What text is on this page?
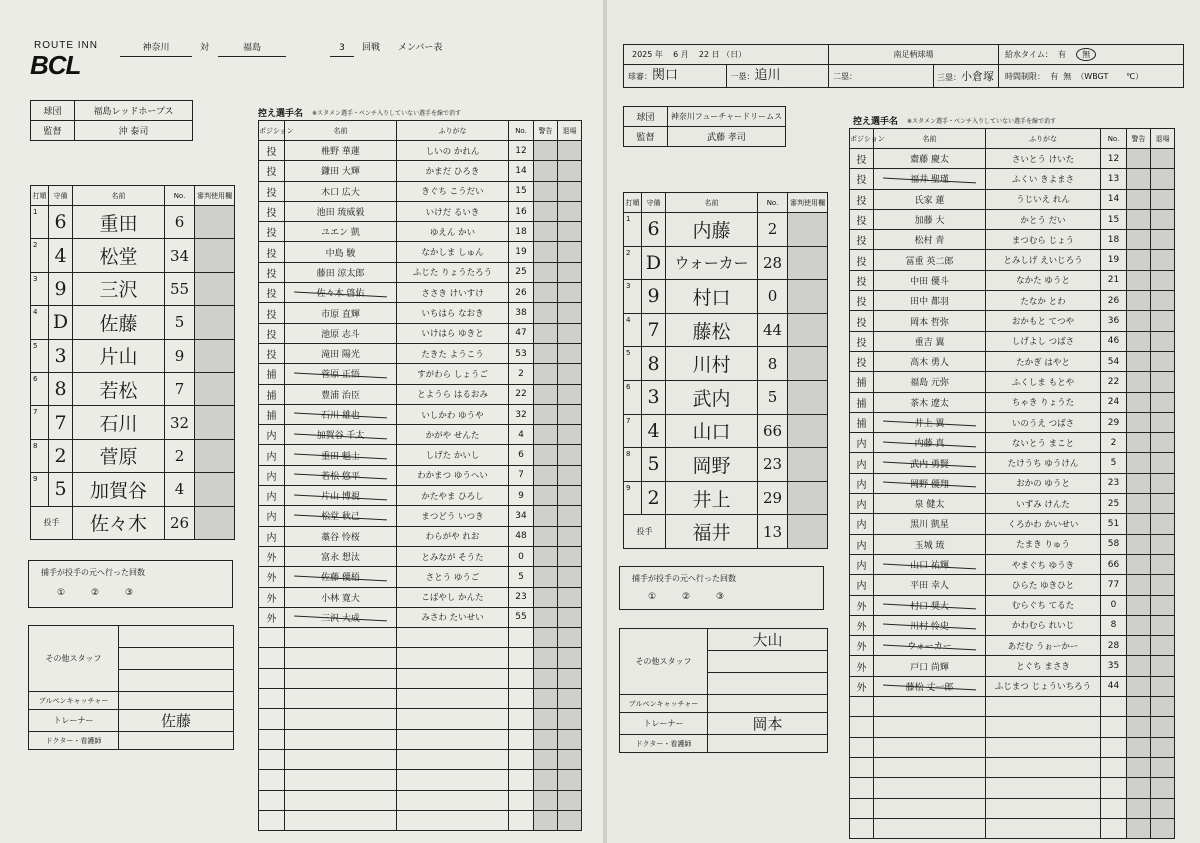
ROUTE INN
BCL
神奈川	対	福島	3	回戦 メンバー表
球団	福島レッドホープス
監督	沖 泰司
打順	守備	名前	No.	審判使用欄
1	6	重田	6	
2	4	松堂	34	
3	9	三沢	55	
4	D	佐藤	5	
5	3	片山	9	
6	8	若松	7	
7	7	石川	32	
8	2	菅原	2	
9	5	加賀谷	4	
投手		佐々木	26	
捕手が投手の元へ行った回数
①	②	③
その他スタッフ	

ブルペンキャッチャー	
トレーナー	佐藤
ドクター・看護師	
控え選手名 ※スタメン選手・ベンチ入りしていない選手を線で消す
ポジション	名前	ふりがな	No.	警告	退場
投	椎野 華蓮	しいの かれん	12		
投	鎌田 大輝	かまだ ひろき	14		
投	木口 広大	きぐち こうだい	15		
投	池田 琉威毅	いけだ るいき	16		
投	ユエン 凱	ゆえん かい	18		
投	中島 駿	なかしま しゅん	19		
投	藤田 涼太郎	ふじた りょうたろう	25		
投	佐々木 啓佑	ささき けいすけ	26		
投	市原 直輝	いちはら なおき	38		
投	池原 志斗	いけはら ゆきと	47		
投	滝田 陽光	たきた ようこう	53		
捕	菅原 正悟	すがわら しょうご	2		
捕	豊浦 治臣	とようら はるおみ	22		
捕	石川 雄也	いしかわ ゆうや	32		
内	加賀谷 千太	かがや せんた	4		
内	重田 魁士	しげた かいし	6		
内	若松 悠平	わかまつ ゆうへい	7		
内	片山 博視	かたやま ひろし	9		
内	松堂 秋己	まつどう いつき	34		
内	藁谷 怜桜	わらがや れお	48		
外	富永 想汰	とみなが そうた	0		
外	佐藤 優梧	さとう ゆうご	5		
外	小林 寛大	こばやし かんた	23		
外	三沢 大成	みさわ たいせい	55		

2025 年 6 月 22 日 （日）	南足柄球場		給水タイム： 有 無

球審：関口 一塁：追川	二塁：	三塁：小倉塚	時間制限： 有 無 （WBGT ℃）
球団	神奈川フューチャードリームス
監督	武藤 孝司
打順	守備	名前	No.	審判使用欄
1	6	内藤	2	
2	D	ウォーカー	28	
3	9	村口	0	
4	7	藤松	44	
5	8	川村	8	
6	3	武内	5	
7	4	山口	66	
8	5	岡野	23	
9	2	井上	29	
投手		福井	13	
捕手が投手の元へ行った回数
①	②	③
その他スタッフ	大山

ブルペンキャッチャー	
トレーナー	岡本
ドクター・看護師	
控え選手名 ※スタメン選手・ベンチ入りしていない選手を線で消す
ポジション	名前	ふりがな	No.	警告	退場
投	齋藤 慶太	さいとう けいた	12		
投	福井 聖瑾	ふくい きよまさ	13		
投	氏家 蓮	うじいえ れん	14		
投	加藤 大	かとう だい	15		
投	松村 青	まつむら じょう	18		
投	冨重 英二郎	とみしげ えいじろう	19		
投	中田 優斗	なかた ゆうと	21		
投	田中 都羽	たなか とわ	26		
投	岡本 哲弥	おかもと てつや	36		
投	重吉 翼	しげよし つばさ	46		
投	高木 勇人	たかぎ はやと	54		
捕	福島 元弥	ふくしま もとや	22		
捕	茶木 遼太	ちゃき りょうた	24		
捕	井上 翼	いのうえ つばさ	29		
内	内藤 真	ないとう まこと	2		
内	武内 勇賢	たけうち ゆうけん	5		
内	岡野 優翔	おかの ゆうと	23		
内	泉 健太	いずみ けんた	25		
内	黒川 凱星	くろかわ かいせい	51		
内	玉城 琉	たまき りゅう	58		
内	山口 祐輝	やまぐち ゆうき	66		
内	平田 幸人	ひらた ゆきひと	77		
外	村口 奨大	むらぐち てるた	0		
外	川村 怜史	かわむら れいじ	8		
外	ウォーカー	あだむ うぉーかー	28		
外	戸口 尚輝	とぐち まさき	35		
外	藤松 丈一郎	ふじまつ じょういちろう	44		
